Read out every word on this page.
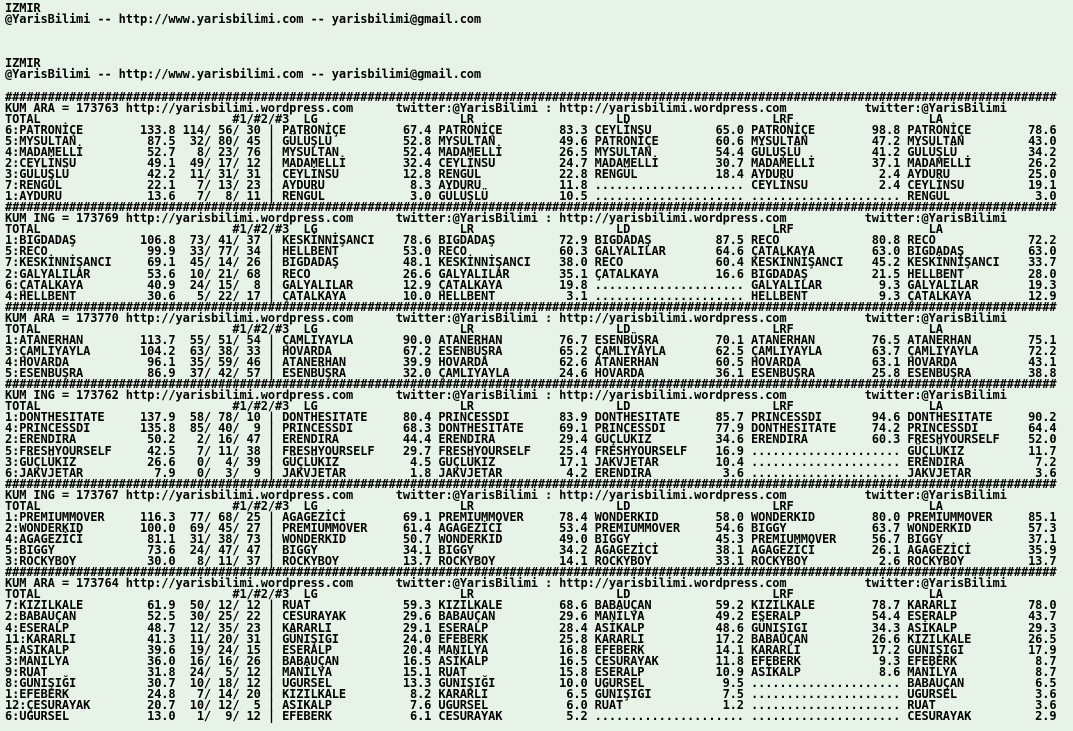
IZMIR
@YarisBilimi -- http://www.yarisbilimi.com -- yarisbilimi@gmail.com
IZMIR
@YarisBilimi -- http://www.yarisbilimi.com -- yarisbilimi@gmail.com
####################################################################################################################################################
KUM ARA = 173763 http://yarisbilimi.wordpress.com      twitter:@YarisBilimi : http://yarisbilimi.wordpress.com           twitter:@YarisBilimi
TOTAL                           #1/#2/#3  LG                    LR                    LD                    LRF                   LA
6:PATRONİÇE        133.8 114/ 56/ 30 | PATRONİÇE        67.4 PATRONİÇE        83.3 CEYLİNSU         65.0 PATRONİÇE        98.8 PATRONİÇE        78.6
5:MYSULTAN          87.5  32/ 80/ 45 | GÜLÜŞLÜ          52.8 MYSULTAN         49.6 PATRONİÇE        60.6 MYSULTAN         47.2 MYSULTAN         43.0
4:MADAMELLİ         52.7   8/ 23/ 76 | MYSULTAN         52.4 MADAMELLİ        26.5 MYSULTAN         54.4 GÜLÜŞLÜ          41.2 GÜLÜŞLÜ          34.2
2:CEYLİNSU          49.1  49/ 17/ 12 | MADAMELLİ        32.4 CEYLİNSU         24.7 MADAMELLİ        30.7 MADAMELLİ        37.1 MADAMELLİ        26.2
3:GÜLÜŞLÜ           42.2  11/ 31/ 31 | CEYLİNSU         12.8 RENGÜL           22.8 RENGÜL           18.4 AYDURU            2.4 AYDURU           25.0
7:RENGÜL            22.1   7/ 13/ 23 | AYDURU            8.3 AYDURU           11.8 ..................... CEYLİNSU          2.4 CEYLİNSU         19.1
1:AYDURU            13.6   7/  8/ 11 | RENGÜL            3.0 GÜLÜŞLÜ          10.5 ..................... ..................... RENGÜL            3.0
####################################################################################################################################################
KUM ING = 173769 http://yarisbilimi.wordpress.com      twitter:@YarisBilimi : http://yarisbilimi.wordpress.com           twitter:@YarisBilimi
TOTAL                           #1/#2/#3  LG                    LR                    LD                    LRF                   LA
1:BIGDADAŞ         106.8  73/ 41/ 37 | KESKİNNİŞANCI    78.6 BIGDADAŞ         72.9 BIGDADAŞ         87.5 RECO             80.8 RECO             72.2
5:RECO              99.9  33/ 77/ 34 | HELLBENT         53.0 RECO             60.3 GALYALILAR       64.6 ÇATALKAYA        63.0 BIGDADAŞ         63.0
7:KESKİNNİŞANCI     69.1  45/ 14/ 26 | BIGDADAŞ         48.1 KESKİNNİŞANCI    38.0 RECO             60.4 KESKİNNİŞANCI    45.2 KESKİNNİŞANCI    33.7
2:GALYALILAR        53.6  10/ 21/ 68 | RECO             26.6 GALYALILAR       35.1 ÇATALKAYA        16.6 BIGDADAŞ         21.5 HELLBENT         28.0
6:ÇATALKAYA         40.9  24/ 15/  8 | GALYALILAR       12.9 ÇATALKAYA        19.8 ..................... GALYALILAR        9.3 GALYALILAR       19.3
4:HELLBENT          30.6   5/ 22/ 17 | ÇATALKAYA        10.0 HELLBENT          3.1 ..................... HELLBENT          9.3 ÇATALKAYA        12.9
####################################################################################################################################################
KUM ARA = 173770 http://yarisbilimi.wordpress.com      twitter:@YarisBilimi : http://yarisbilimi.wordpress.com           twitter:@YarisBilimi
TOTAL                           #1/#2/#3  LG                    LR                    LD                    LRF                   LA
1:ATANERHAN        113.7  55/ 51/ 54 | ÇAMLIYAYLA       90.0 ATANERHAN        76.7 ESENBÜŞRA        70.1 ATANERHAN        76.5 ATANERHAN        75.1
3:ÇAMLIYAYLA       104.2  63/ 38/ 33 | HOVARDA          67.2 ESENBÜŞRA        65.2 ÇAMLIYAYLA       62.5 ÇAMLIYAYLA       63.7 ÇAMLIYAYLA       72.2
4:HOVARDA           96.1  35/ 59/ 46 | ATANERHAN        39.9 HOVARDA          62.6 ATANERHAN        60.5 HOVARDA          63.1 HOVARDA          43.1
5:ESENBÜŞRA         86.9  37/ 42/ 57 | ESENBÜŞRA        32.0 ÇAMLIYAYLA       24.6 HOVARDA          36.1 ESENBÜŞRA        25.8 ESENBÜŞRA        38.8
####################################################################################################################################################
KUM ING = 173762 http://yarisbilimi.wordpress.com      twitter:@YarisBilimi : http://yarisbilimi.wordpress.com           twitter:@YarisBilimi
TOTAL                           #1/#2/#3  LG                    LR                    LD                    LRF                   LA
1:DONTHESITATE     137.9  58/ 78/ 10 | DONTHESITATE     80.4 PRINCESSDI       83.9 DONTHESITATE     85.7 PRINCESSDI       94.6 DONTHESITATE     90.2
4:PRINCESSDI       135.8  85/ 40/  9 | PRINCESSDI       68.3 DONTHESITATE     69.1 PRINCESSDI       77.9 DONTHESITATE     74.2 PRINCESSDI       64.4
2:ERENDIRA          50.2   2/ 16/ 47 | ERENDIRA         44.4 ERENDIRA         29.4 GÜÇLÜKIZ         34.6 ERENDIRA         60.3 FRESHYOURSELF    52.0
5:FRESHYOURSELF     42.5   7/ 11/ 38 | FRESHYOURSELF    29.7 FRESHYOURSELF    25.4 FRESHYOURSELF    16.9 ..................... GÜÇLÜKIZ         11.7
3:GÜÇLÜKIZ          26.6   0/  4/ 39 | GÜÇLÜKIZ          4.5 GÜÇLÜKIZ         17.1 JAKVJETAR        10.4 ..................... ERENDIRA          7.2
6:JAKVJETAR          7.9   0/  3/  9 | JAKVJETAR         1.8 JAKVJETAR         4.2 ERENDIRA          3.6 ..................... JAKVJETAR         3.6
####################################################################################################################################################
KUM ING = 173767 http://yarisbilimi.wordpress.com      twitter:@YarisBilimi : http://yarisbilimi.wordpress.com           twitter:@YarisBilimi
TOTAL                           #1/#2/#3  LG                    LR                    LD                    LRF                   LA
1:PREMIUMMOVER     116.3  77/ 68/ 25 | AGAGEZİCİ        69.1 PREMIUMMOVER     78.4 WONDERKID        58.0 WONDERKID        80.0 PREMIUMMOVER     85.1
2:WONDERKID        100.0  69/ 45/ 27 | PREMIUMMOVER     61.4 AGAGEZİCİ        53.4 PREMIUMMOVER     54.6 BIGGY            63.7 WONDERKID        57.3
4:AGAGEZİCİ         81.1  31/ 38/ 73 | WONDERKID        50.7 WONDERKID        49.0 BIGGY            45.3 PREMIUMMOVER     56.7 BIGGY            37.1
5:BIGGY             73.6  24/ 47/ 47 | BIGGY            34.1 BIGGY            34.2 AGAGEZİCİ        38.1 AGAGEZİCİ        26.1 AGAGEZİCİ        35.9
3:ROCKYBOY          30.0   8/ 11/ 37 | ROCKYBOY         13.7 ROCKYBOY         14.1 ROCKYBOY         33.1 ROCKYBOY          2.6 ROCKYBOY         13.7
####################################################################################################################################################
KUM ARA = 173764 http://yarisbilimi.wordpress.com      twitter:@YarisBilimi : http://yarisbilimi.wordpress.com           twitter:@YarisBilimi
TOTAL                           #1/#2/#3  LG                    LR                    LD                    LRF                   LA
7:KIZILKALE         61.9  50/ 12/ 12 | RUAT             59.3 KIZILKALE        68.6 BABAUÇAN         59.2 KIZILKALE        78.7 KARARLI          78.0
2:BABAUÇAN          52.5  30/ 25/ 22 | CESURAYAK        29.6 BABAUÇAN         29.6 MANİLYA          49.2 ESERALP          54.4 ESERALP          43.7
4:ESERALP           48.7  12/ 35/ 23 | KARARLI          29.1 ESERALP          28.4 ASİKALP          48.6 GÜNIŞIGI         34.3 ASİKALP          29.3
11:KARARLI          41.3  11/ 20/ 31 | GÜNIŞIGI         24.0 EFEBERK          25.8 KARARLI          17.2 BABAUÇAN         26.6 KIZILKALE        26.5
5:ASIKALP           39.6  19/ 24/ 15 | ESERALP          20.4 MANILYA          16.8 EFEBERK          14.1 KARARLI          17.2 GÜNIŞIGI         17.9
3:MANILYA           36.0  16/ 16/ 26 | BABAUÇAN         16.5 ASİKALP          16.5 CESURAYAK        11.8 EFEBERK           9.3 EFEBERK           8.7
9:RUAT              31.8  24/  5/ 12 | MANİLYA          15.1 RUAT             15.8 ESERALP          10.9 ASİKALP           8.6 MANİLYA           8.7
8:GÜNIŞIĞI          30.7  10/ 18/ 12 | UGURSEL          13.3 GÜNIŞIĞI         10.0 UGURSEL           9.5 ..................... BABAUÇAN          6.5
1:EFEBERK           24.8   7/ 14/ 20 | KIZILKALE         8.2 KARARLI           6.5 GÜNIŞIGI          7.5 ..................... UGURSEL           3.6
12:ÇESURAYAK        20.7  10/ 12/  5 | ASIKALP           7.6 UGURSEL           6.0 RUAT              1.2 ..................... RUAT              3.6
6:UGURSEL           13.0   1/  9/ 12 | EFEBERK           6.1 CESURAYAK         5.2 ..................... ..................... CESURAYAK         2.9
